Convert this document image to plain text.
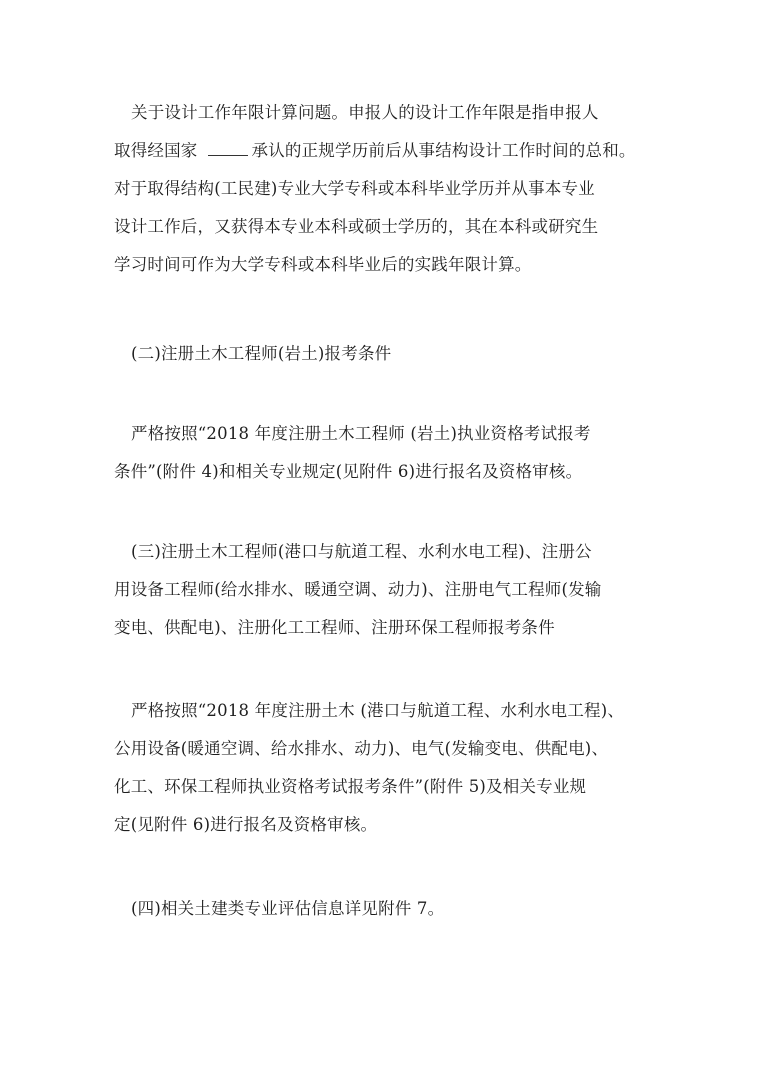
关于设计工作年限计算问题。申报人的设计工作年限是指申报人
取得经国家	承认的正规学历前后从事结构设计工作时间的总和。
对于取得结构(工民建)专业大学专科或本科毕业学历并从事本专业
设计工作后，又获得本专业本科或硕士学历的，其在本科或研究生
学习时间可作为大学专科或本科毕业后的实践年限计算。
(二)注册土木工程师(岩土)报考条件
严格按照“2018 年度注册土木工程师 (岩土)执业资格考试报考
条件”(附件 4)和相关专业规定(见附件 6)进行报名及资格审核。
(三)注册土木工程师(港口与航道工程、水利水电工程)、注册公
用设备工程师(给水排水、暖通空调、动力)、注册电气工程师(发输
变电、供配电)、注册化工工程师、注册环保工程师报考条件
严格按照“2018 年度注册土木 (港口与航道工程、水利水电工程)、
公用设备(暖通空调、给水排水、动力)、电气(发输变电、供配电)、
化工、环保工程师执业资格考试报考条件”(附件 5)及相关专业规
定(见附件 6)进行报名及资格审核。
(四)相关土建类专业评估信息详见附件 7。
